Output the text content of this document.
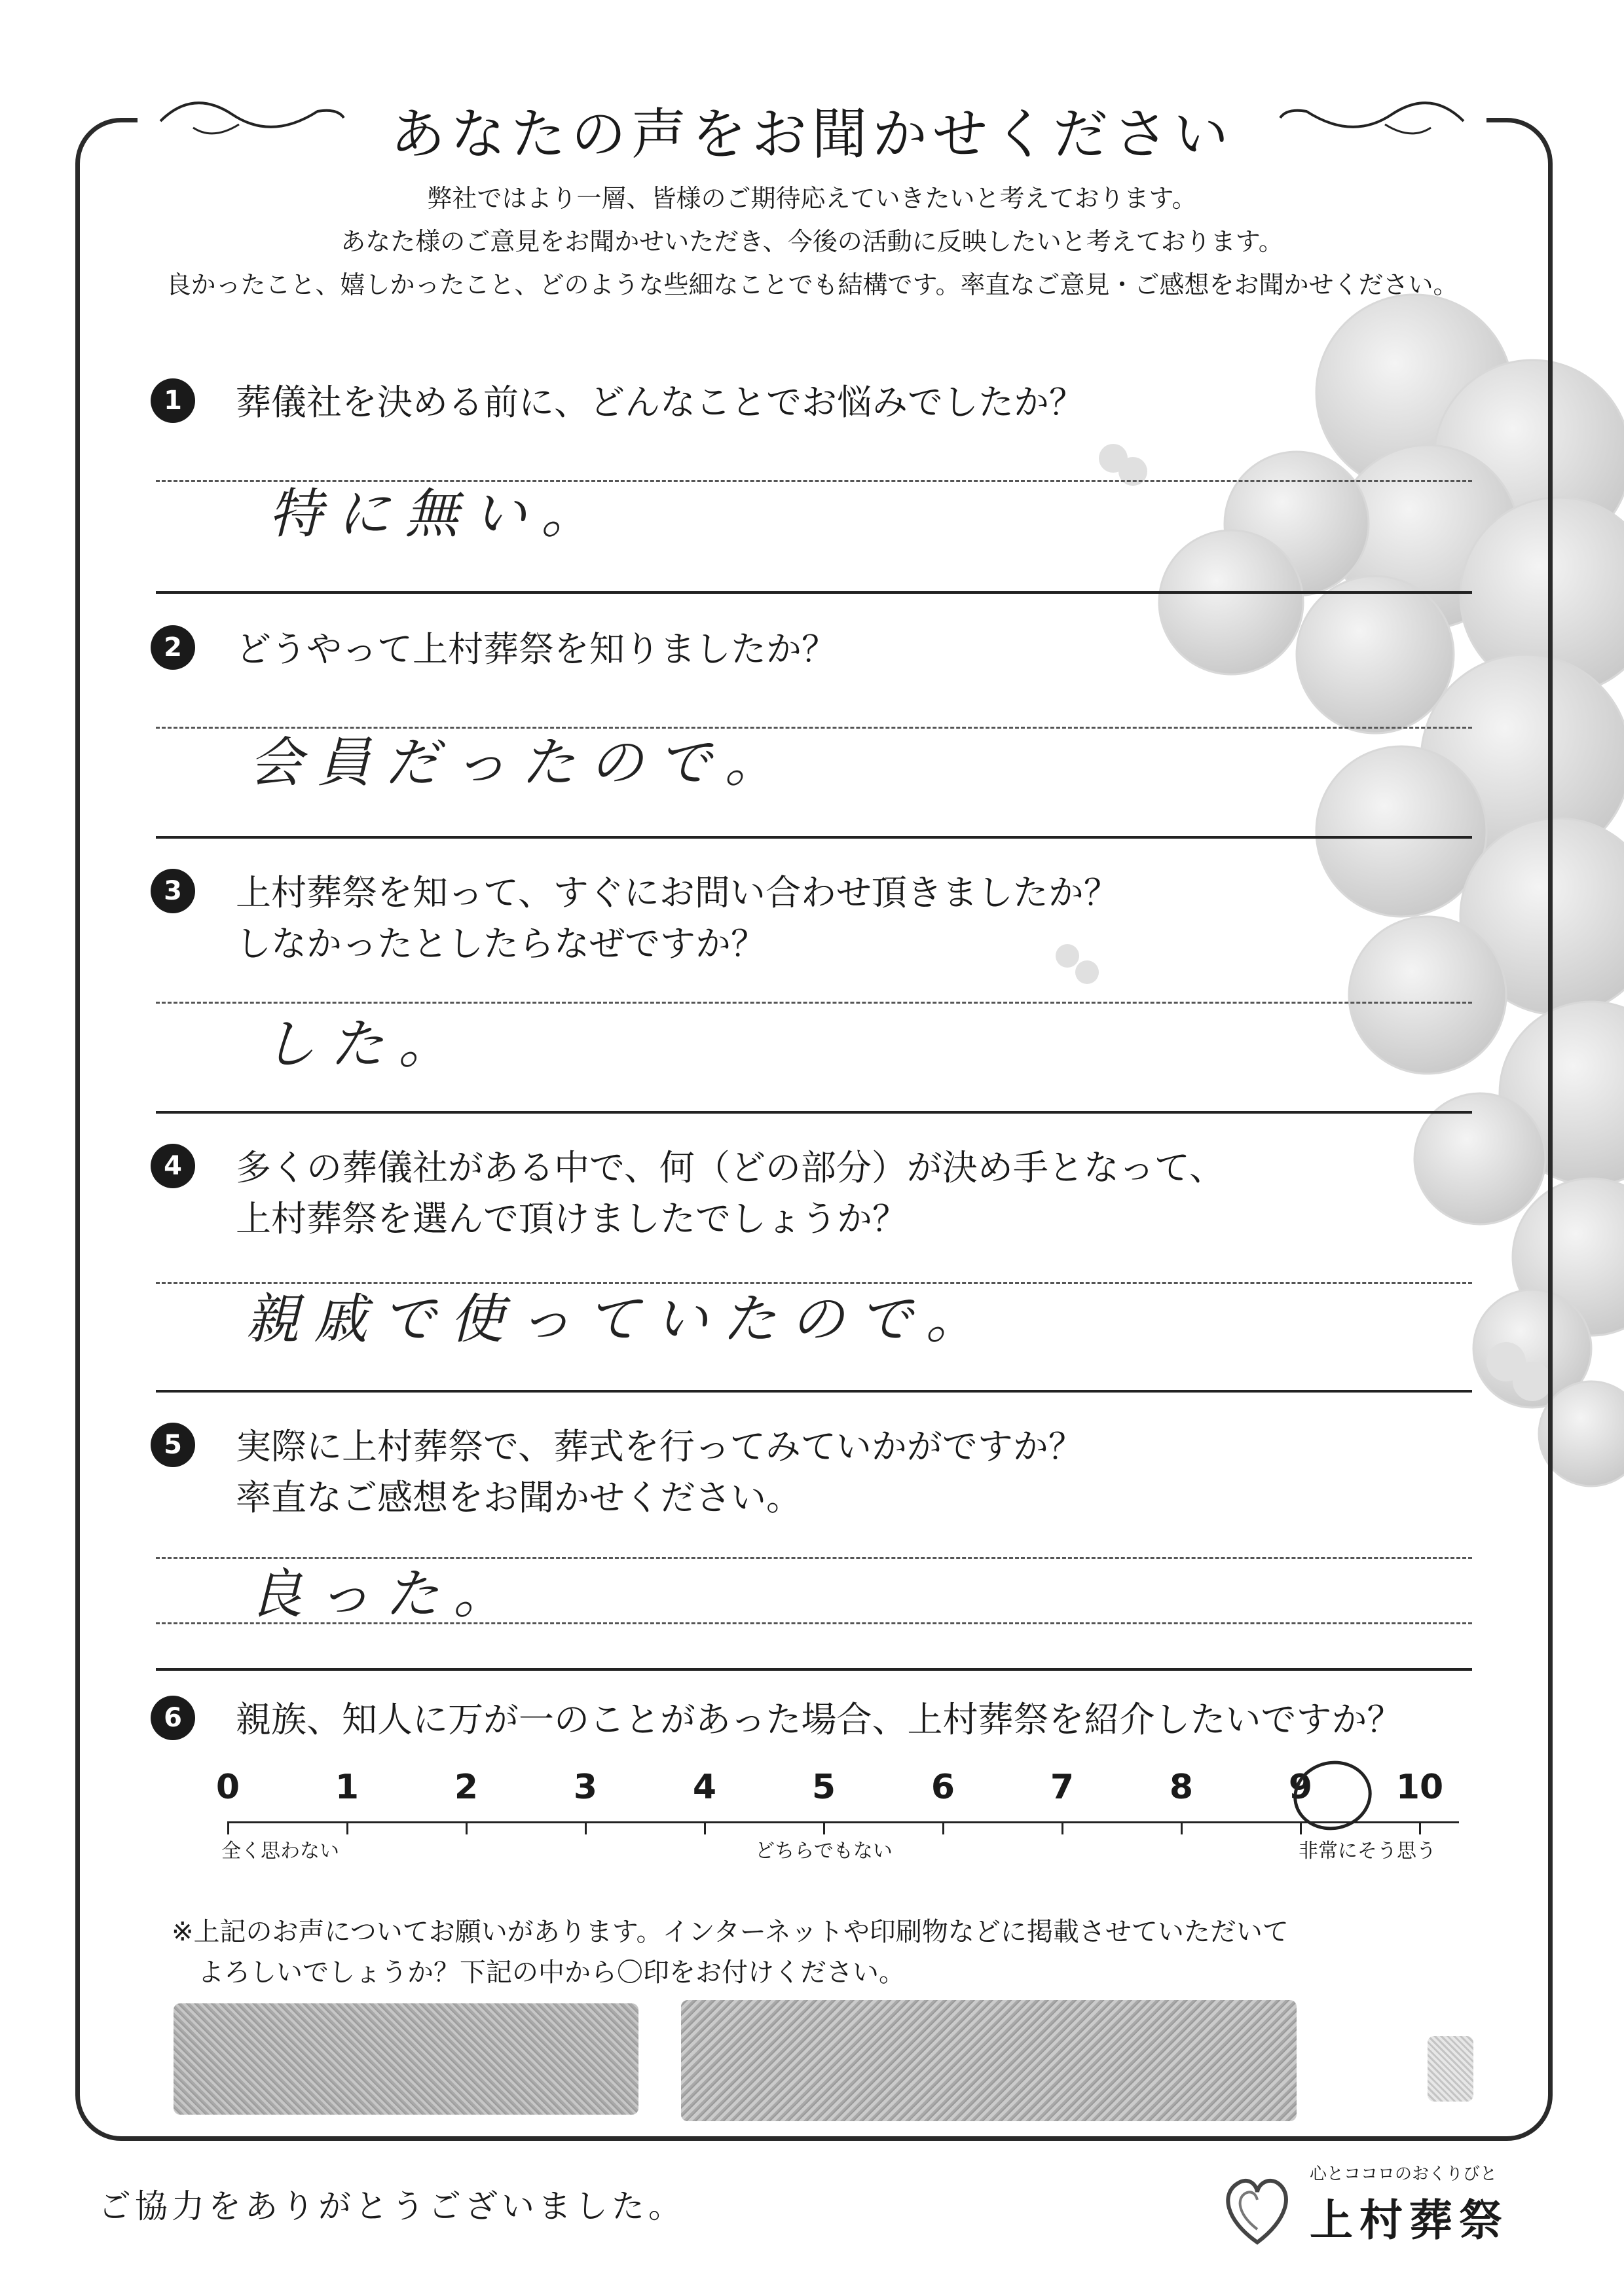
あなたの声をお聞かせください
弊社ではより一層、皆様のご期待応えていきたいと考えております。
あなた様のご意見をお聞かせいただき、今後の活動に反映したいと考えております。
良かったこと、嬉しかったこと、どのような些細なことでも結構です。率直なご意見・ご感想をお聞かせください。
1	葬儀社を決める前に、どんなことでお悩みでしたか？
特に無い。
2	どうやって上村葬祭を知りましたか？
会員だったので。
3	上村葬祭を知って、すぐにお問い合わせ頂きましたか？
しなかったとしたらなぜですか？
した。
4	多くの葬儀社がある中で、何（どの部分）が決め手となって、
上村葬祭を選んで頂けましたでしょうか？
親戚で使っていたので。
5	実際に上村葬祭で、葬式を行ってみていかがですか？
率直なご感想をお聞かせください。
良った。
6	親族、知人に万が一のことがあった場合、上村葬祭を紹介したいですか？
0	1	2	3	4	5	6	7	8	9 10
全く思わない	どちらでもない	非常にそう思う
※上記のお声についてお願いがあります。インターネットや印刷物などに掲載させていただいて
よろしいでしょうか？下記の中から〇印をお付けください。
ご協力をありがとうございました。
心とココロのおくりびと
上村葬祭
